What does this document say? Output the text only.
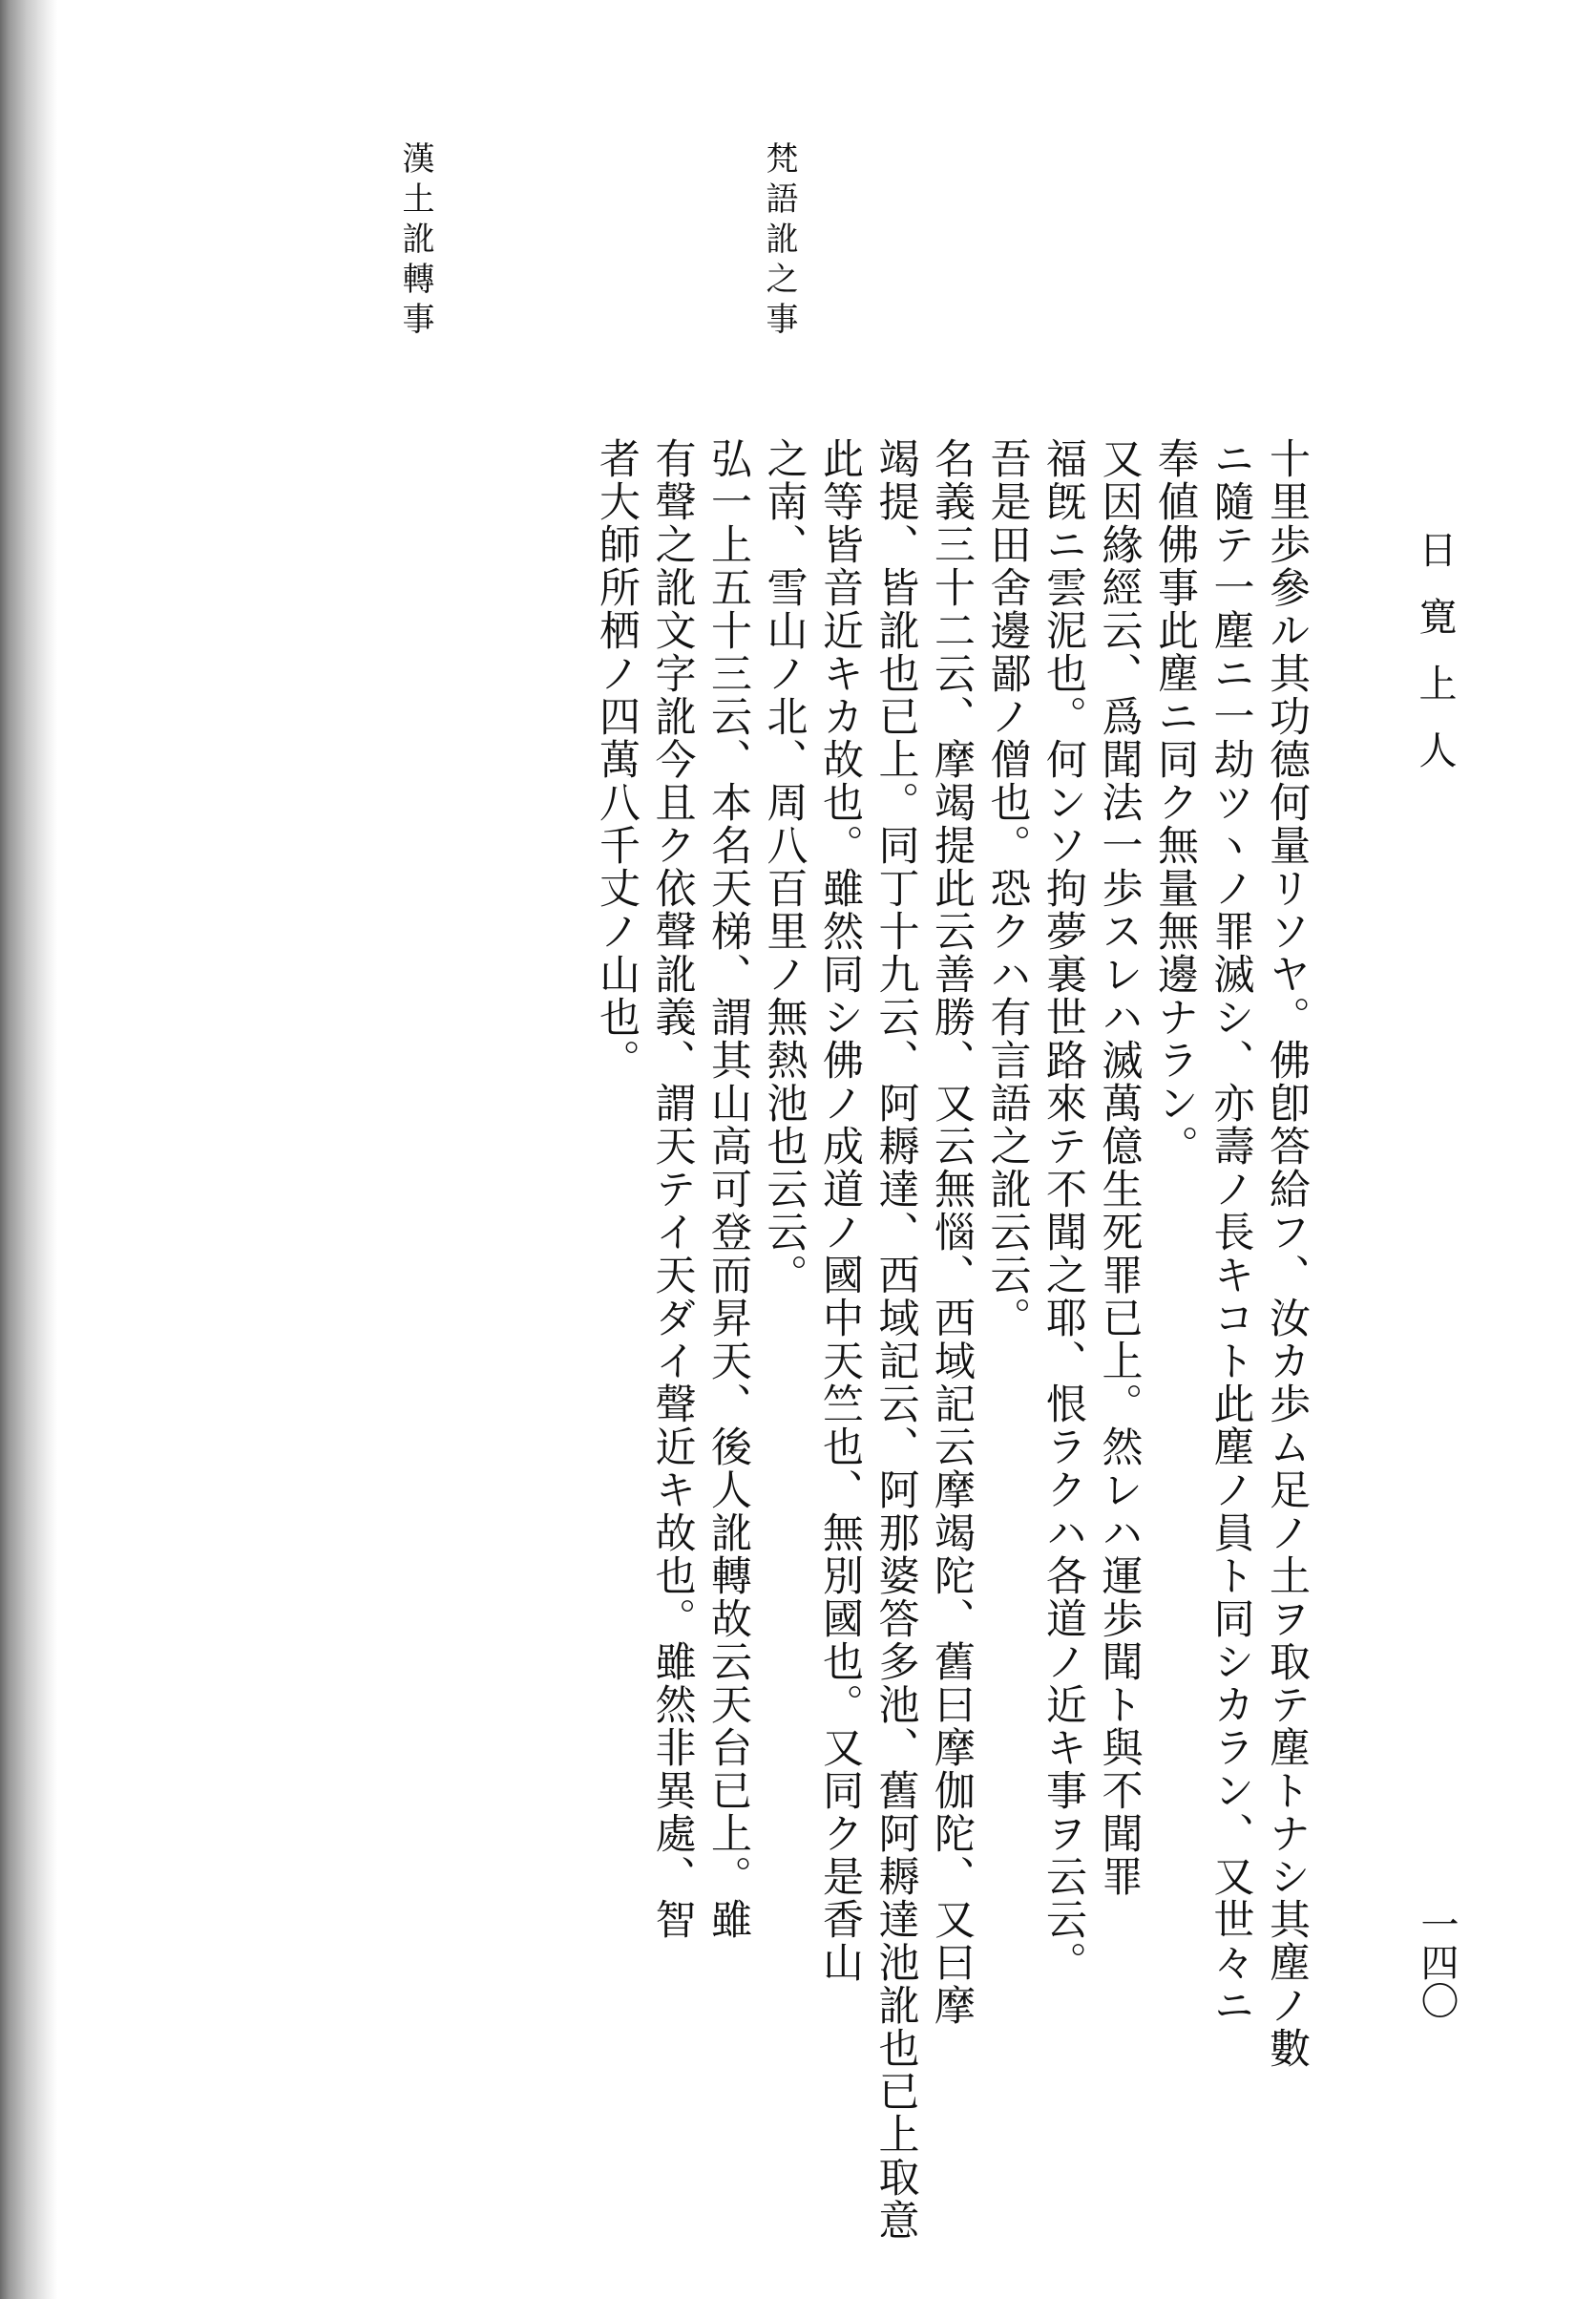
日寛上人
一四〇
梵語訛之事
漢土訛轉事
十里歩參ル其功德何量リソヤ。佛卽答給フ、汝カ歩ム足ノ土ヲ取テ塵トナシ其塵ノ數
ニ隨テ一塵ニ一劫ツヽノ罪滅シ、亦壽ノ長キコト此塵ノ員ト同シカラン、又世々ニ
奉値佛事此塵ニ同ク無量無邊ナラン。
又因緣經云、爲聞法一歩スレハ滅萬億生死罪已上。然レハ運歩聞ト與不聞罪
福旣ニ雲泥也。何ンソ拘夢裏世路來テ不聞之耶、恨ラクハ各道ノ近キ事ヲ云云。
吾是田舍邊鄙ノ僧也。恐クハ有言語之訛云云。
名義三十二云、摩竭提此云善勝、又云無惱、西域記云摩竭陀、舊曰摩伽陀、又曰摩
竭提、皆訛也已上。同丁十九云、阿耨達、西域記云、阿那婆答多池、舊阿耨達池訛也已上取意
此等皆音近キカ故也。雖然同シ佛ノ成道ノ國中天竺也、無別國也。又同ク是香山
之南、雪山ノ北、周八百里ノ無熱池也云云。
弘一上五十三云、本名天梯、謂其山高可登而昇天、後人訛轉故云天台已上。雖
有聲之訛文字訛今且ク依聲訛義、謂天テイ天ダイ聲近キ故也。雖然非異處、智
者大師所栖ノ四萬八千丈ノ山也。
